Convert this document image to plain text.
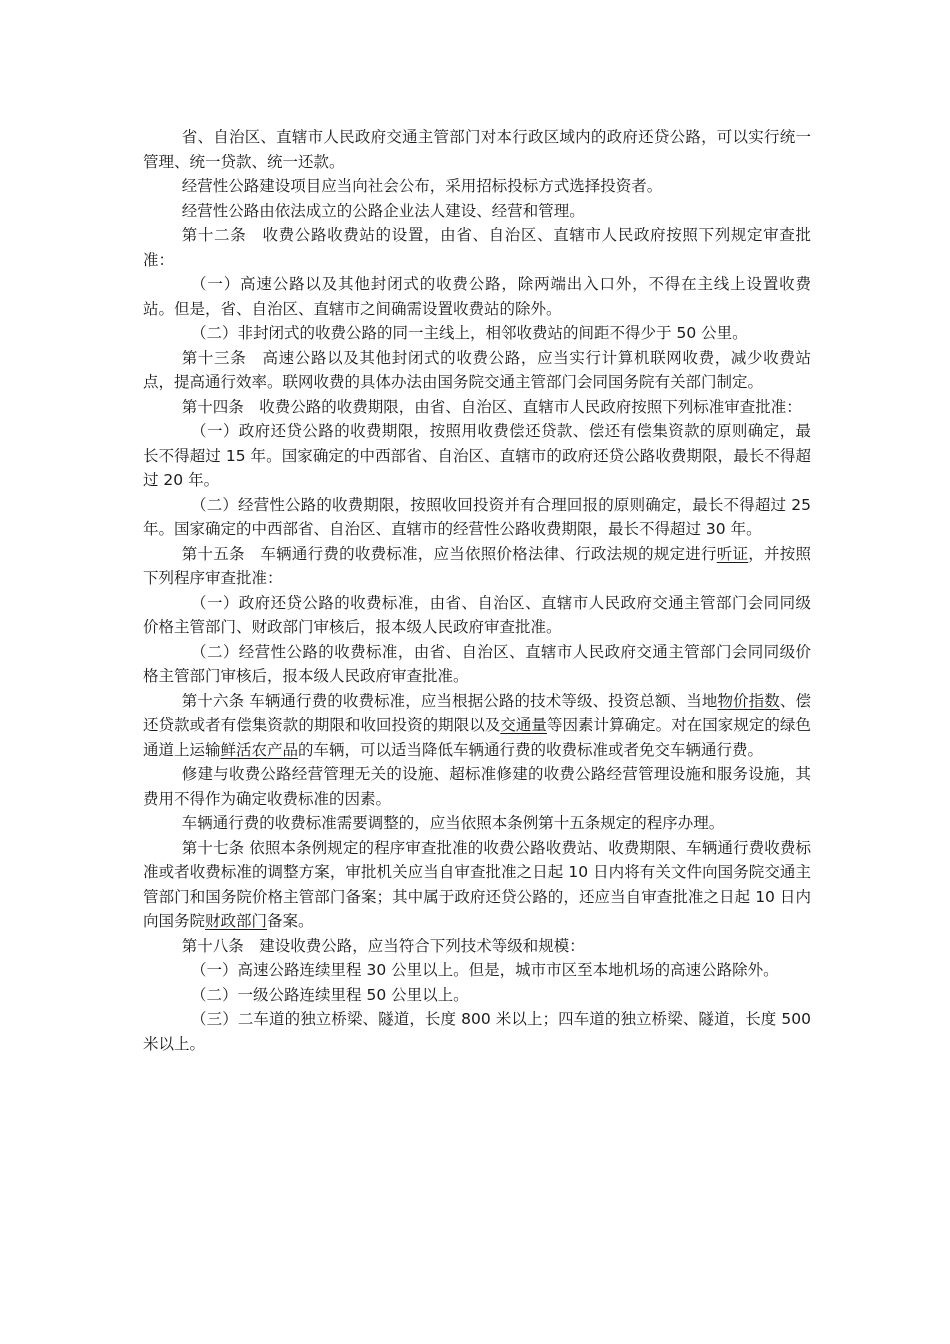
省、自治区、直辖市人民政府交通主管部门对本行政区域内的政府还贷公路，可以实行统一管理、统一贷款、统一还款。

经营性公路建设项目应当向社会公布，采用招标投标方式选择投资者。

经营性公路由依法成立的公路企业法人建设、经营和管理。

第十二条　收费公路收费站的设置，由省、自治区、直辖市人民政府按照下列规定审查批准：

（一）高速公路以及其他封闭式的收费公路，除两端出入口外，不得在主线上设置收费站。但是，省、自治区、直辖市之间确需设置收费站的除外。

（二）非封闭式的收费公路的同一主线上，相邻收费站的间距不得少于 50 公里。

第十三条　高速公路以及其他封闭式的收费公路，应当实行计算机联网收费，减少收费站点，提高通行效率。联网收费的具体办法由国务院交通主管部门会同国务院有关部门制定。

第十四条　收费公路的收费期限，由省、自治区、直辖市人民政府按照下列标准审查批准：

（一）政府还贷公路的收费期限，按照用收费偿还贷款、偿还有偿集资款的原则确定，最长不得超过 15 年。国家确定的中西部省、自治区、直辖市的政府还贷公路收费期限，最长不得超过 20 年。

（二）经营性公路的收费期限，按照收回投资并有合理回报的原则确定，最长不得超过 25 年。国家确定的中西部省、自治区、直辖市的经营性公路收费期限，最长不得超过 30 年。

第十五条　车辆通行费的收费标准，应当依照价格法律、行政法规的规定进行听证，并按照下列程序审查批准：

（一）政府还贷公路的收费标准，由省、自治区、直辖市人民政府交通主管部门会同同级价格主管部门、财政部门审核后，报本级人民政府审查批准。

（二）经营性公路的收费标准，由省、自治区、直辖市人民政府交通主管部门会同同级价格主管部门审核后，报本级人民政府审查批准。

第十六条 车辆通行费的收费标准，应当根据公路的技术等级、投资总额、当地物价指数、偿还贷款或者有偿集资款的期限和收回投资的期限以及交通量等因素计算确定。对在国家规定的绿色通道上运输鲜活农产品的车辆，可以适当降低车辆通行费的收费标准或者免交车辆通行费。

修建与收费公路经营管理无关的设施、超标准修建的收费公路经营管理设施和服务设施，其费用不得作为确定收费标准的因素。

车辆通行费的收费标准需要调整的，应当依照本条例第十五条规定的程序办理。

第十七条 依照本条例规定的程序审查批准的收费公路收费站、收费期限、车辆通行费收费标准或者收费标准的调整方案，审批机关应当自审查批准之日起 10 日内将有关文件向国务院交通主管部门和国务院价格主管部门备案；其中属于政府还贷公路的，还应当自审查批准之日起 10 日内向国务院财政部门备案。

第十八条　建设收费公路，应当符合下列技术等级和规模：

（一）高速公路连续里程 30 公里以上。但是，城市市区至本地机场的高速公路除外。

（二）一级公路连续里程 50 公里以上。

（三）二车道的独立桥梁、隧道，长度 800 米以上；四车道的独立桥梁、隧道，长度 500 米以上。
